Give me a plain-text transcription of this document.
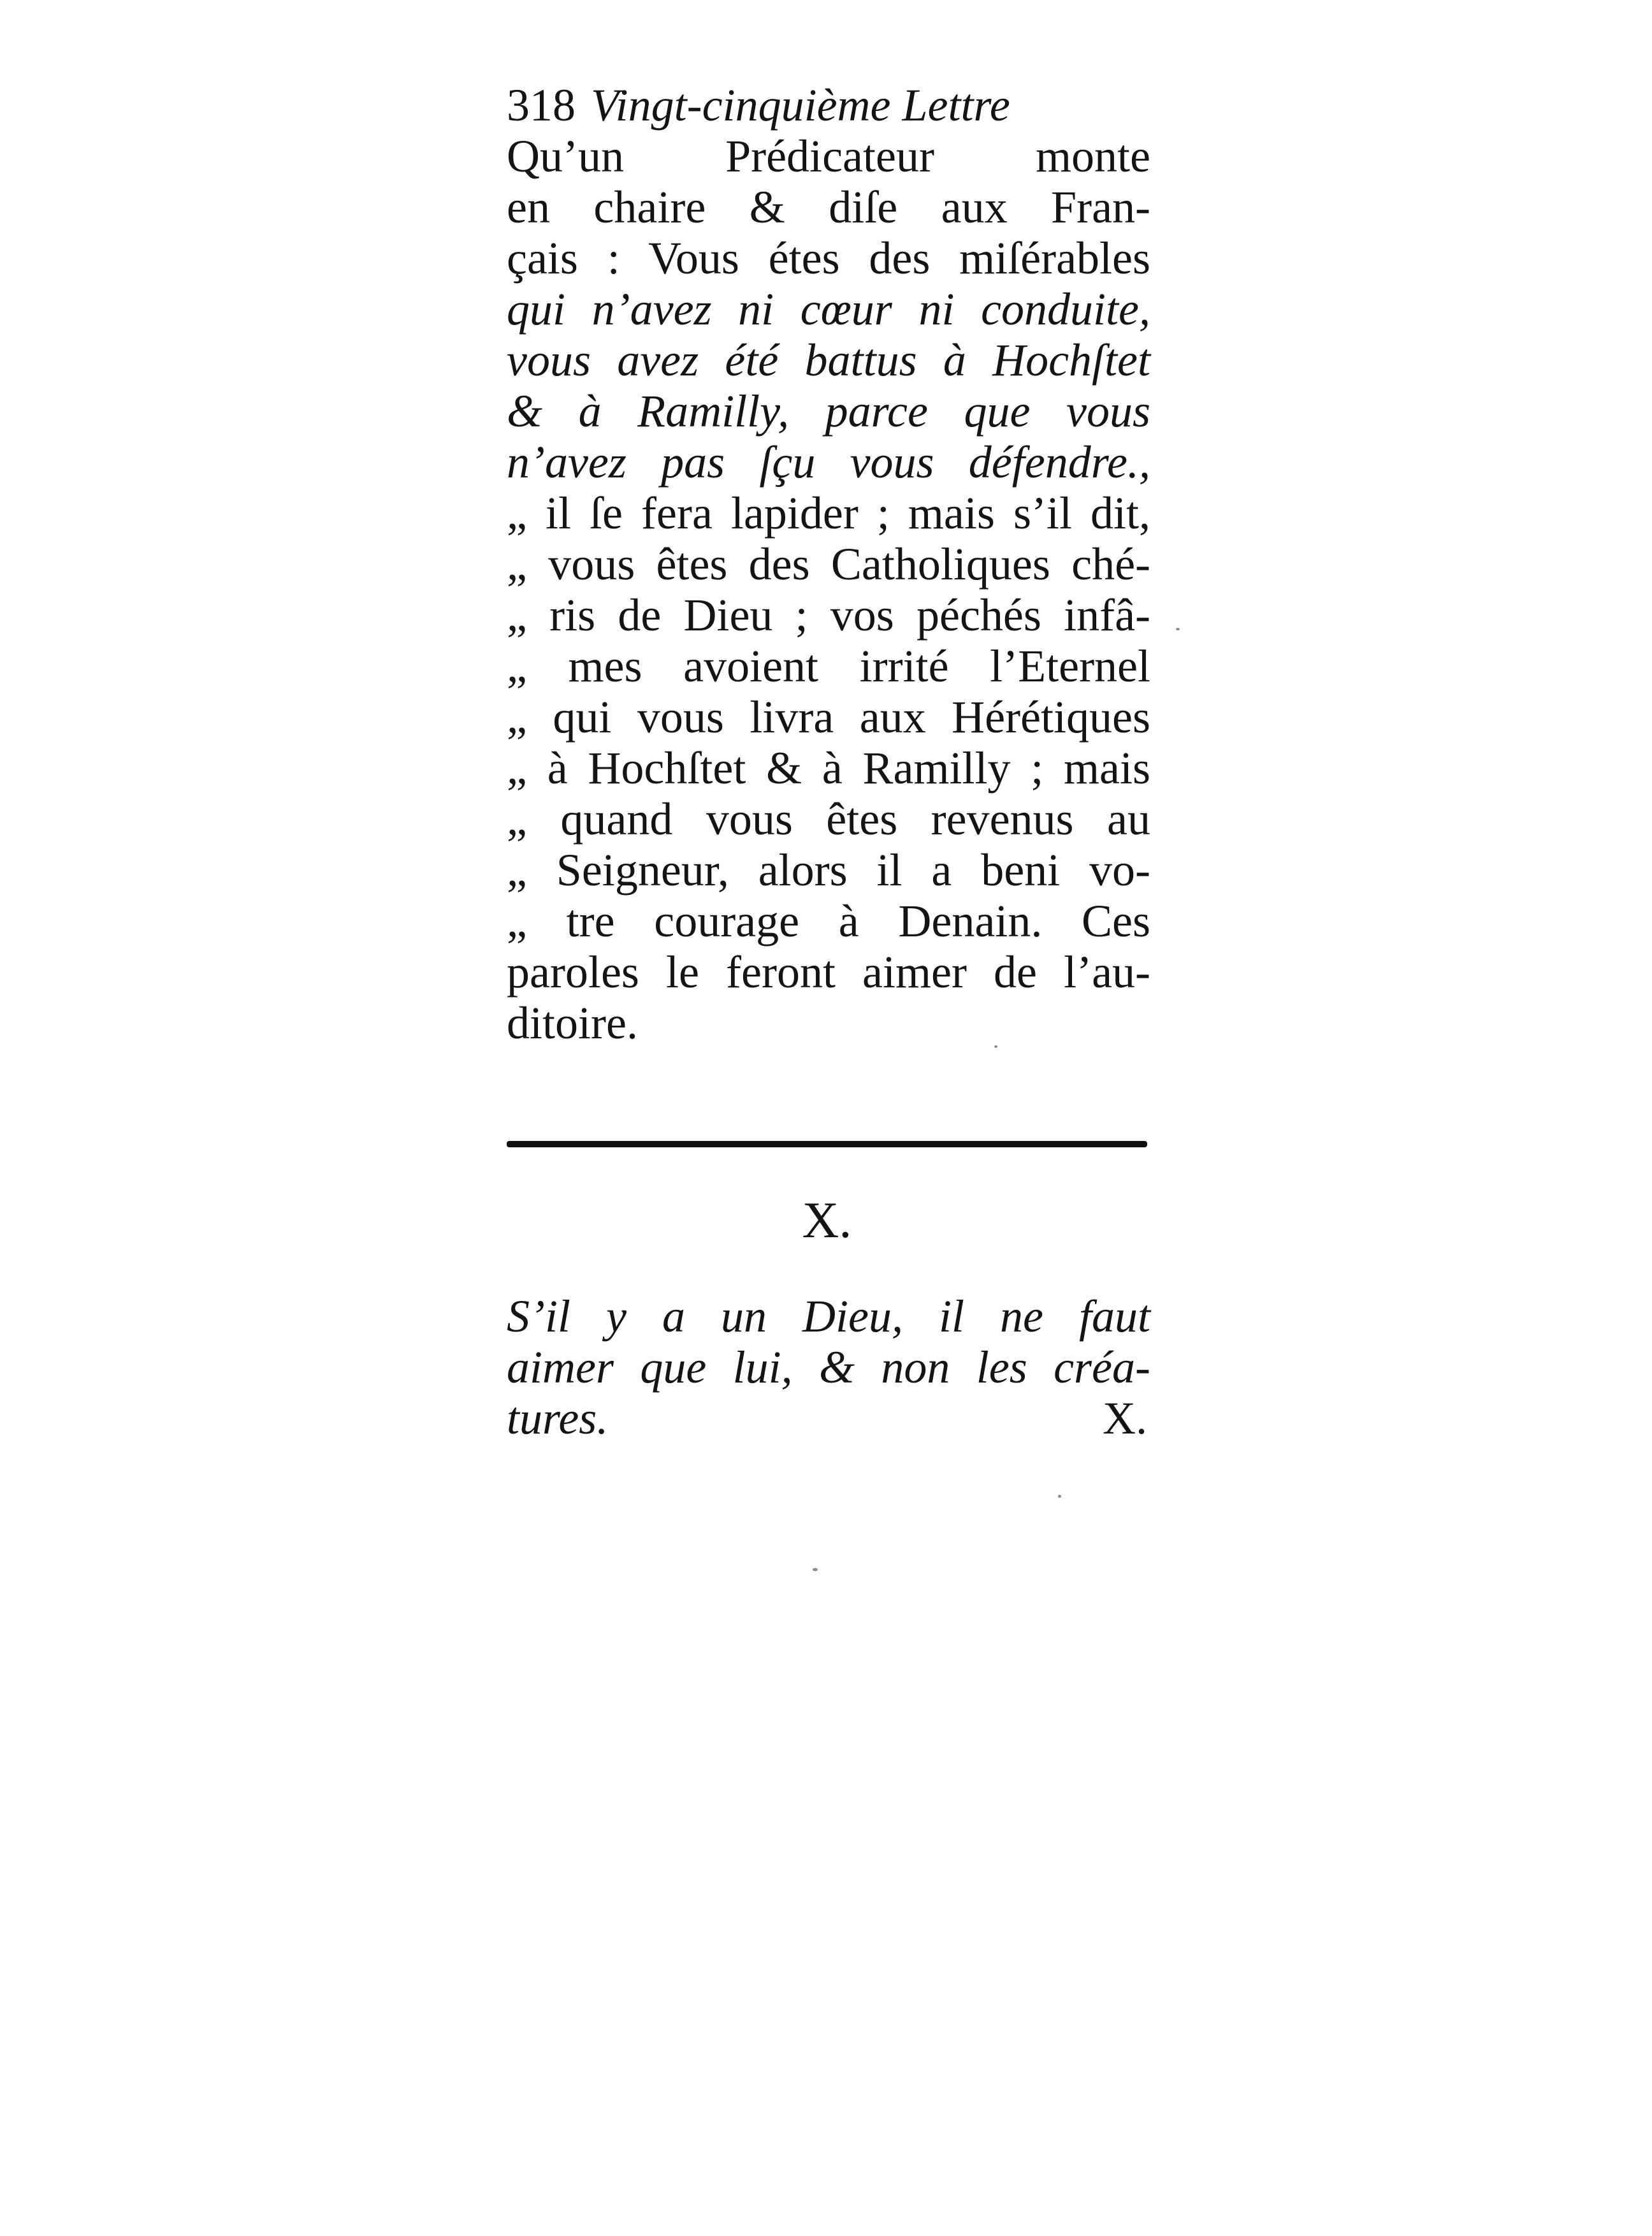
318 Vingt-cinquième Lettre
Qu’un Prédicateur monte
en chaire & diſe aux Fran-
çais : Vous étes des miſérables
qui n’avez ni cœur ni conduite,
vous avez été battus à Hochſtet
& à Ramilly, parce que vous
n’avez pas ſçu vous défendre.,
„ il ſe fera lapider ; mais s’il dit,
„ vous êtes des Catholiques ché-
„ ris de Dieu ; vos péchés infâ-
„ mes avoient irrité l’Eternel
„ qui vous livra aux Hérétiques
„ à Hochſtet & à Ramilly ; mais
„ quand vous êtes revenus au
„ Seigneur, alors il a beni vo-
„ tre courage à Denain. Ces
paroles le feront aimer de l’au-
ditoire.
X.
S’il y a un Dieu, il ne faut
aimer que lui, & non les créa-
tures.	X.
